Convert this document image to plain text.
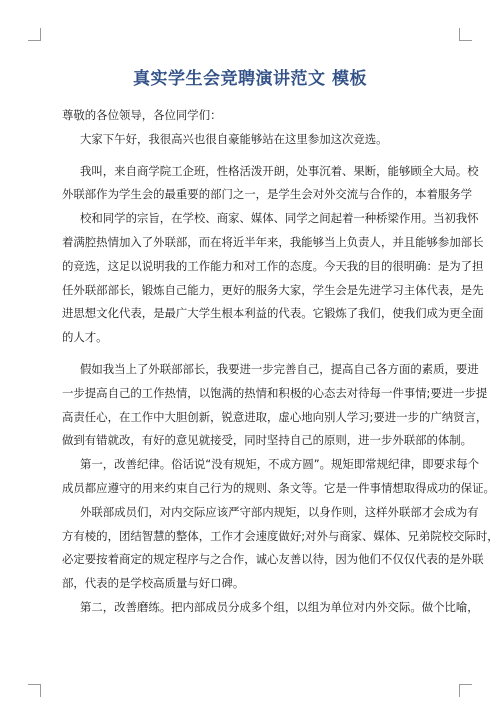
真实学生会竞聘演讲范文 模板
尊敬的各位领导，各位同学们：
大家下午好，我很高兴也很自豪能够站在这里参加这次竞选。
我叫，来自商学院工企班，性格活泼开朗，处事沉着、果断，能够顾全大局。校
外联部作为学生会的最重要的部门之一，是学生会对外交流与合作的，本着服务学
校和同学的宗旨，在学校、商家、媒体、同学之间起着一种桥梁作用。当初我怀
着满腔热情加入了外联部，而在将近半年来，我能够当上负责人，并且能够参加部长
的竞选，这足以说明我的工作能力和对工作的态度。今天我的目的很明确：是为了担
任外联部部长，锻炼自己能力，更好的服务大家，学生会是先进学习主体代表，是先
进思想文化代表，是最广大学生根本利益的代表。它锻炼了我们，使我们成为更全面
的人才。
假如我当上了外联部部长，我要进一步完善自己，提高自己各方面的素质，要进
一步提高自己的工作热情，以饱满的热情和积极的心态去对待每一件事情;要进一步提
高责任心，在工作中大胆创新，锐意进取，虚心地向别人学习;要进一步的广纳贤言，
做到有错就改，有好的意见就接受，同时坚持自己的原则，进一步外联部的体制。
第一，改善纪律。俗话说“没有规矩，不成方圆”。规矩即常规纪律，即要求每个
成员都应遵守的用来约束自己行为的规则、条文等。它是一件事情想取得成功的保证。
外联部成员们，对内交际应该严守部内规矩，以身作则，这样外联部才会成为有
方有棱的，团结智慧的整体，工作才会速度做好;对外与商家、媒体、兄弟院校交际时，
必定要按着商定的规定程序与之合作，诚心友善以待，因为他们不仅仅代表的是外联
部，代表的是学校高质量与好口碑。
第二，改善磨练。把内部成员分成多个组，以组为单位对内外交际。做个比喻，
